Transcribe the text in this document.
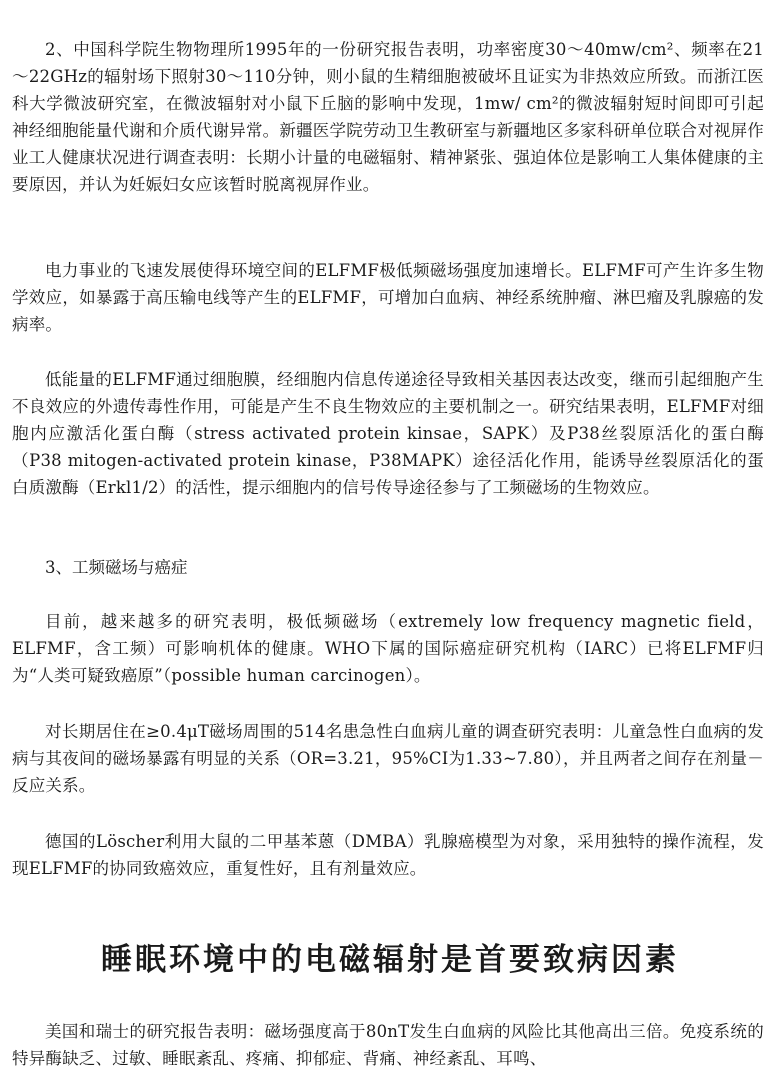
2、中国科学院生物物理所1995年的一份研究报告表明，功率密度30～40mw/cm²、频率在21～22GHz的辐射场下照射30～110分钟，则小鼠的生精细胞被破坏且证实为非热效应所致。而浙江医科大学微波研究室，在微波辐射对小鼠下丘脑的影响中发现，1mw/ cm²的微波辐射短时间即可引起神经细胞能量代谢和介质代谢异常。新疆医学院劳动卫生教研室与新疆地区多家科研单位联合对视屏作业工人健康状况进行调查表明：长期小计量的电磁辐射、精神紧张、强迫体位是影响工人集体健康的主要原因，并认为妊娠妇女应该暂时脱离视屏作业。

电力事业的飞速发展使得环境空间的ELFMF极低频磁场强度加速增长。ELFMF可产生许多生物学效应，如暴露于高压输电线等产生的ELFMF，可增加白血病、神经系统肿瘤、淋巴瘤及乳腺癌的发病率。

低能量的ELFMF通过细胞膜，经细胞内信息传递途径导致相关基因表达改变，继而引起细胞产生不良效应的外遗传毒性作用，可能是产生不良生物效应的主要机制之一。研究结果表明，ELFMF对细胞内应激活化蛋白酶（stress activated protein kinsae，SAPK）及P38丝裂原活化的蛋白酶（P38 mitogen-activated protein kinase，P38MAPK）途径活化作用，能诱导丝裂原活化的蛋白质激酶（Erkl1/2）的活性，提示细胞内的信号传导途径参与了工频磁场的生物效应。

3、工频磁场与癌症

目前，越来越多的研究表明，极低频磁场（extremely low frequency magnetic field，ELFMF，含工频）可影响机体的健康。WHO下属的国际癌症研究机构（IARC）已将ELFMF归为“人类可疑致癌原”（possible human carcinogen）。

对长期居住在≥0.4μT磁场周围的514名患急性白血病儿童的调查研究表明：儿童急性白血病的发病与其夜间的磁场暴露有明显的关系（OR=3.21，95%CI为1.33~7.80），并且两者之间存在剂量－反应关系。

德国的Löscher利用大鼠的二甲基苯蒽（DMBA）乳腺癌模型为对象，采用独特的操作流程，发现ELFMF的协同致癌效应，重复性好，且有剂量效应。

睡眠环境中的电磁辐射是首要致病因素

美国和瑞士的研究报告表明：磁场强度高于80nT发生白血病的风险比其他高出三倍。免疫系统的特异酶缺乏、过敏、睡眠紊乱、疼痛、抑郁症、背痛、神经紊乱、耳鸣、
